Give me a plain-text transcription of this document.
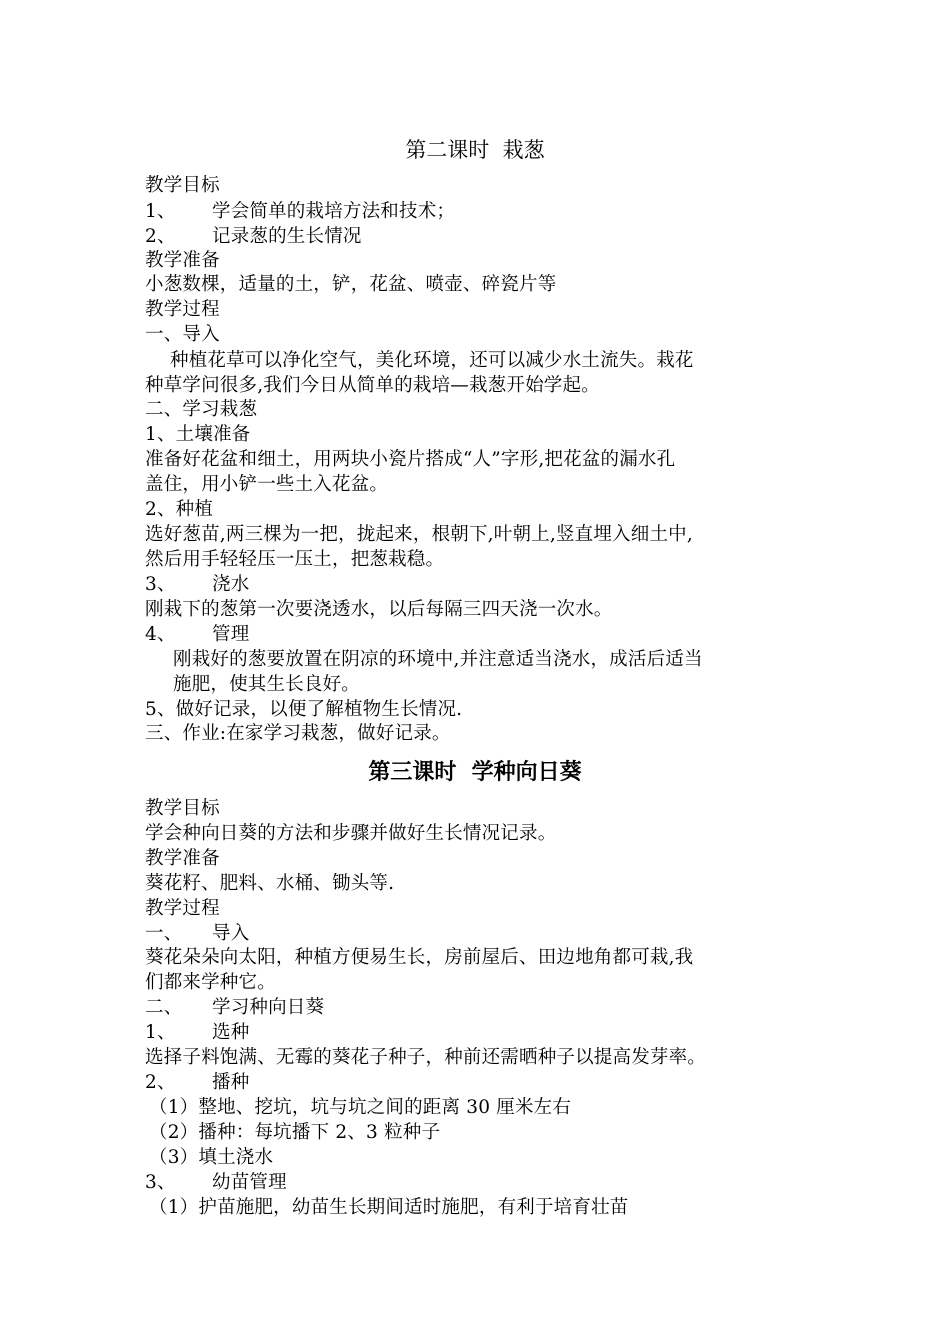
第二课时  栽葱
教学目标
1、 学会简单的栽培方法和技术；
2、 记录葱的生长情况
教学准备
小葱数棵，适量的土，铲，花盆、喷壶、碎瓷片等
教学过程
一、导入
种植花草可以净化空气，美化环境，还可以减少水土流失。栽花
种草学问很多,我们今日从简单的栽培—栽葱开始学起。
二、学习栽葱
1、土壤准备
准备好花盆和细土，用两块小瓷片搭成“人”字形,把花盆的漏水孔
盖住，用小铲一些土入花盆。
2、种植
选好葱苗,两三棵为一把，拢起来，根朝下,叶朝上,竖直埋入细土中,
然后用手轻轻压一压土，把葱栽稳。
3、 浇水
刚栽下的葱第一次要浇透水，以后每隔三四天浇一次水。
4、 管理
刚栽好的葱要放置在阴凉的环境中,并注意适当浇水，成活后适当
施肥，使其生长良好。
5、做好记录，以便了解植物生长情况.
三、作业:在家学习栽葱，做好记录。
第三课时  学种向日葵
教学目标
学会种向日葵的方法和步骤并做好生长情况记录。
教学准备
葵花籽、肥料、水桶、锄头等.
教学过程
一、 导入
葵花朵朵向太阳，种植方便易生长，房前屋后、田边地角都可栽,我
们都来学种它。
二、 学习种向日葵
1、 选种
选择子料饱满、无霉的葵花子种子，种前还需晒种子以提高发芽率。
2、 播种
（1）整地、挖坑，坑与坑之间的距离 30 厘米左右
（2）播种：每坑播下 2、3 粒种子
（3）填土浇水
3、 幼苗管理
（1）护苗施肥，幼苗生长期间适时施肥，有利于培育壮苗
